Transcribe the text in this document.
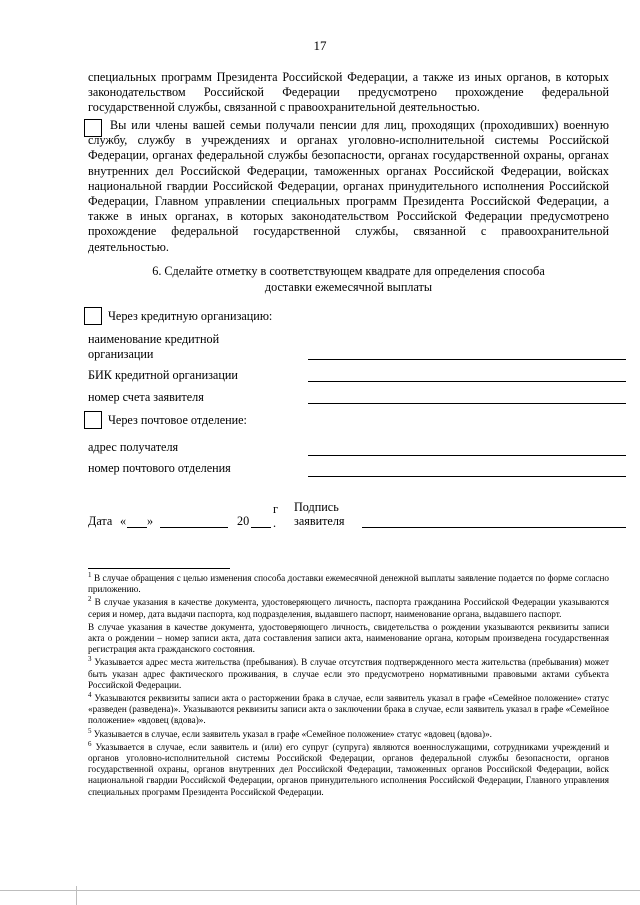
17
специальных программ Президента Российской Федерации, а также из иных органов, в которых законодательством Российской Федерации предусмотрено прохождение федеральной государственной службы, связанной с правоохранительной деятельностью.
Вы или члены вашей семьи получали пенсии для лиц, проходящих (проходивших) военную службу, службу в учреждениях и органах уголовно-исполнительной системы Российской Федерации, органах федеральной службы безопасности, органах государственной охраны, органах внутренних дел Российской Федерации, таможенных органах Российской Федерации, войсках национальной гвардии Российской Федерации, органах принудительного исполнения Российской Федерации, Главном управлении специальных программ Президента Российской Федерации, а также в иных органах, в которых законодательством Российской Федерации предусмотрено прохождение федеральной государственной службы, связанной с правоохранительной деятельностью.
6. Сделайте отметку в соответствующем квадрате для определения способа
доставки ежемесячной выплаты
Через кредитную организацию:
наименование кредитной организации
БИК кредитной организации
номер счета заявителя
Через почтовое отделение:
адрес получателя
номер почтового отделения
Дата « »	20
г
.
Подпись
заявителя

$^1$ В случае обращения с целью изменения способа доставки ежемесячной денежной выплаты заявление подается по форме согласно приложению.

$^2$ В случае указания в качестве документа, удостоверяющего личность, паспорта гражданина Российской Федерации указываются серия и номер, дата выдачи паспорта, код подразделения, выдавшего паспорт, наименование органа, выдавшего паспорт.

В случае указания в качестве документа, удостоверяющего личность, свидетельства о рождении указываются реквизиты записи акта о рождении – номер записи акта, дата составления записи акта, наименование органа, которым произведена государственная регистрация акта гражданского состояния.

$^3$ Указывается адрес места жительства (пребывания). В случае отсутствия подтвержденного места жительства (пребывания) может быть указан адрес фактического проживания, в случае если это предусмотрено нормативными правовыми актами субъекта Российской Федерации.

$^4$ Указываются реквизиты записи акта о расторжении брака в случае, если заявитель указал в графе «Семейное положение» статус «разведен (разведена)». Указываются реквизиты записи акта о заключении брака в случае, если заявитель указал в графе «Семейное положение» «вдовец (вдова)».

$^5$ Указывается в случае, если заявитель указал в графе «Семейное положение» статус «вдовец (вдова)».

$^6$ Указывается в случае, если заявитель и (или) его супруг (супруга) являются военнослужащими, сотрудниками учреждений и органов уголовно-исполнительной системы Российской Федерации, органов федеральной службы безопасности, органов государственной охраны, органов внутренних дел Российской Федерации, таможенных органов Российской Федерации, войск национальной гвардии Российской Федерации, органов принудительного исполнения Российской Федерации, Главного управления специальных программ Президента Российской Федерации.
